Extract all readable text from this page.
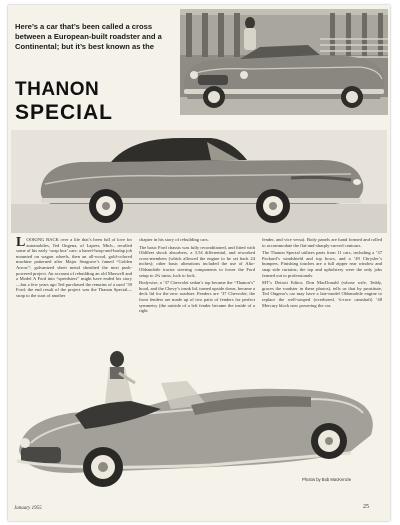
Here’s a car that’s been called a cross between a European-built roadster and a Continental; but it’s best known as the
THANON
SPECIAL

LOOKING BACK over a life that’s been full of love for automobiles, Ted Ongena, of Lapeer, Mich., recalled some of his early ‘soap box’ cars: a barrel-hoop-and-burlap job mounted on wagon wheels, then an all-wood, gold-colored machine patterned after Major Seagrave’s famed “Golden Arrow”; galvanized sheet metal sheathed the next push-powered project. An account of rebuilding an old Maxwell and a Model A Ford into “speedsters” might have ended his story—but a few years ago Ted purchased the remains of a used ’39 Ford; the end result of the project was the Thanon Special—strap to the start of another

chapter in his story of rebuilding cars.

The basic Ford chassis was fully reconditioned, and fitted with Oldfleet shock absorbers, a 3.54 differential, and reworked cross-members (which allowed the engine to be set back 24 inches); other basic alterations included the use of Alto-Oldsmobile tractor steering components to lower the Ford setup to 2¾ turns, lock to lock.

Bodywise, a ’37 Chevrolet sedan’s top became the “Thanon’s” hood, and the Chevy’s trunk lid, turned upside down, became a deck lid for the new roadster. Fenders are ’37 Chevrolet; the front fenders are made up of two pairs of fenders for perfect symmetry (the outside of a left fender became the inside of a right

fender, and vice versa). Body panels are hand formed and rolled to accommodate the flat-and-sharply-curved contours.

The Thanon Special utilizes parts from 11 cars, including a ’37 Packard’s windshield and top bows, and a ’49 Chrysler’s bumpers. Finishing touches are a full zipper rear window and snap side curtains; the top and upholstery were the only jobs farmed out to professionals.

MT’s Detroit Editor, Don MacDonald (whose wife, Teddy, graces the roadster in these photos), tells us that by prostitute, Ted Ongena’s car may have a late-model Oldsmobile engine to replace the well-souped (overbored, ¾-race camshaft) ’48 Mercury block now powering the car.

Photos by Bob MacKenzie
January 1955	25
